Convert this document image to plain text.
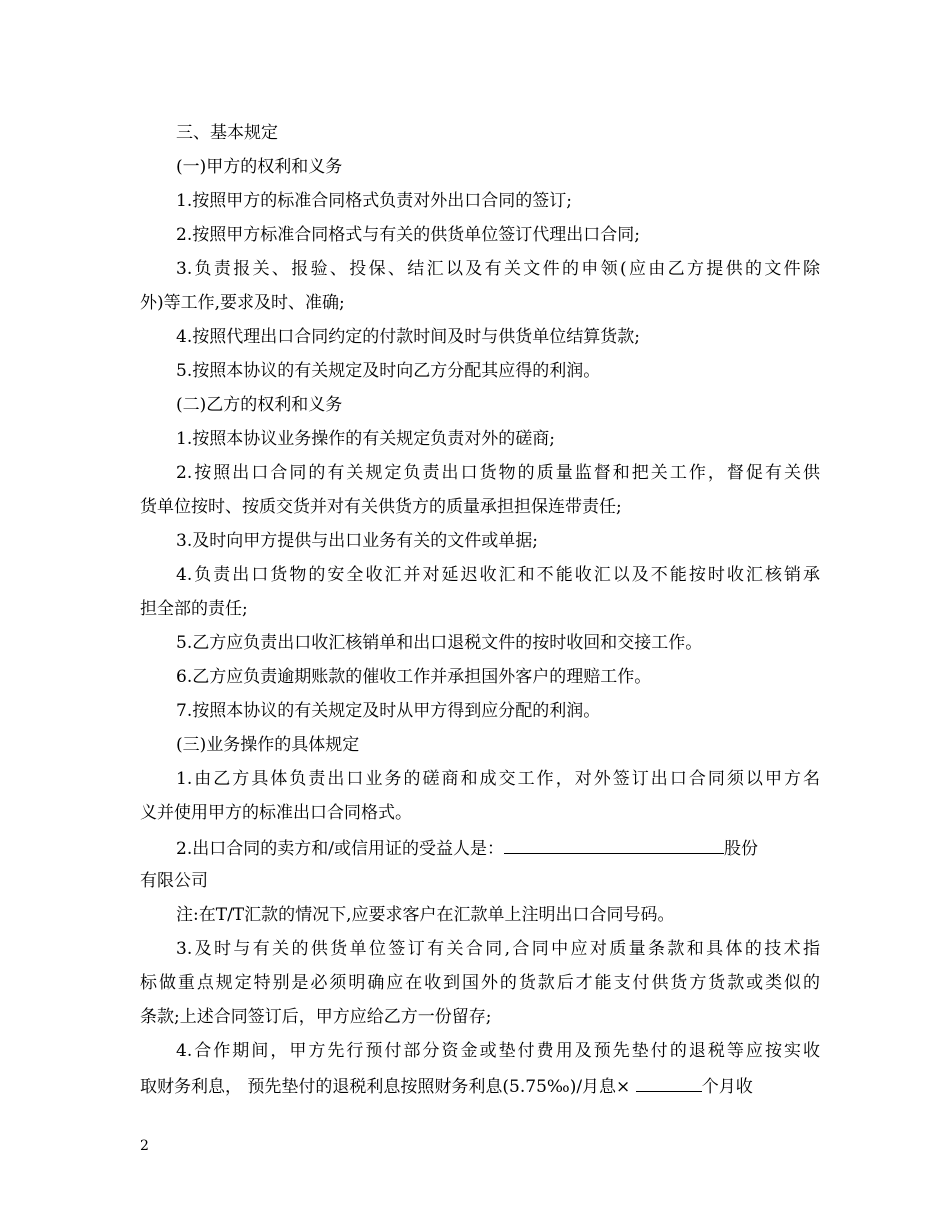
三、基本规定
(一)甲方的权利和义务
1.按照甲方的标准合同格式负责对外出口合同的签订;
2.按照甲方标准合同格式与有关的供货单位签订代理出口合同;
3.负责报关、报验、投保、结汇以及有关文件的申领(应由乙方提供的文件除
外)等工作,要求及时、准确;
4.按照代理出口合同约定的付款时间及时与供货单位结算货款;
5.按照本协议的有关规定及时向乙方分配其应得的利润。
(二)乙方的权利和义务
1.按照本协议业务操作的有关规定负责对外的磋商;
2.按照出口合同的有关规定负责出口货物的质量监督和把关工作，督促有关供
货单位按时、按质交货并对有关供货方的质量承担担保连带责任;
3.及时向甲方提供与出口业务有关的文件或单据;
4.负责出口货物的安全收汇并对延迟收汇和不能收汇以及不能按时收汇核销承
担全部的责任;
5.乙方应负责出口收汇核销单和出口退税文件的按时收回和交接工作。
6.乙方应负责逾期账款的催收工作并承担国外客户的理赔工作。
7.按照本协议的有关规定及时从甲方得到应分配的利润。
(三)业务操作的具体规定
1.由乙方具体负责出口业务的磋商和成交工作，对外签订出口合同须以甲方名
义并使用甲方的标准出口合同格式。
2.出口合同的卖方和/或信用证的受益人是：	股份
有限公司
注:在T/T汇款的情况下,应要求客户在汇款单上注明出口合同号码。
3.及时与有关的供货单位签订有关合同,合同中应对质量条款和具体的技术指
标做重点规定特别是必须明确应在收到国外的货款后才能支付供货方货款或类似的
条款;上述合同签订后，甲方应给乙方一份留存;
4.合作期间，甲方先行预付部分资金或垫付费用及预先垫付的退税等应按实收
取财务利息， 预先垫付的退税利息按照财务利息(5.75‰)/月息×	个月收
2
